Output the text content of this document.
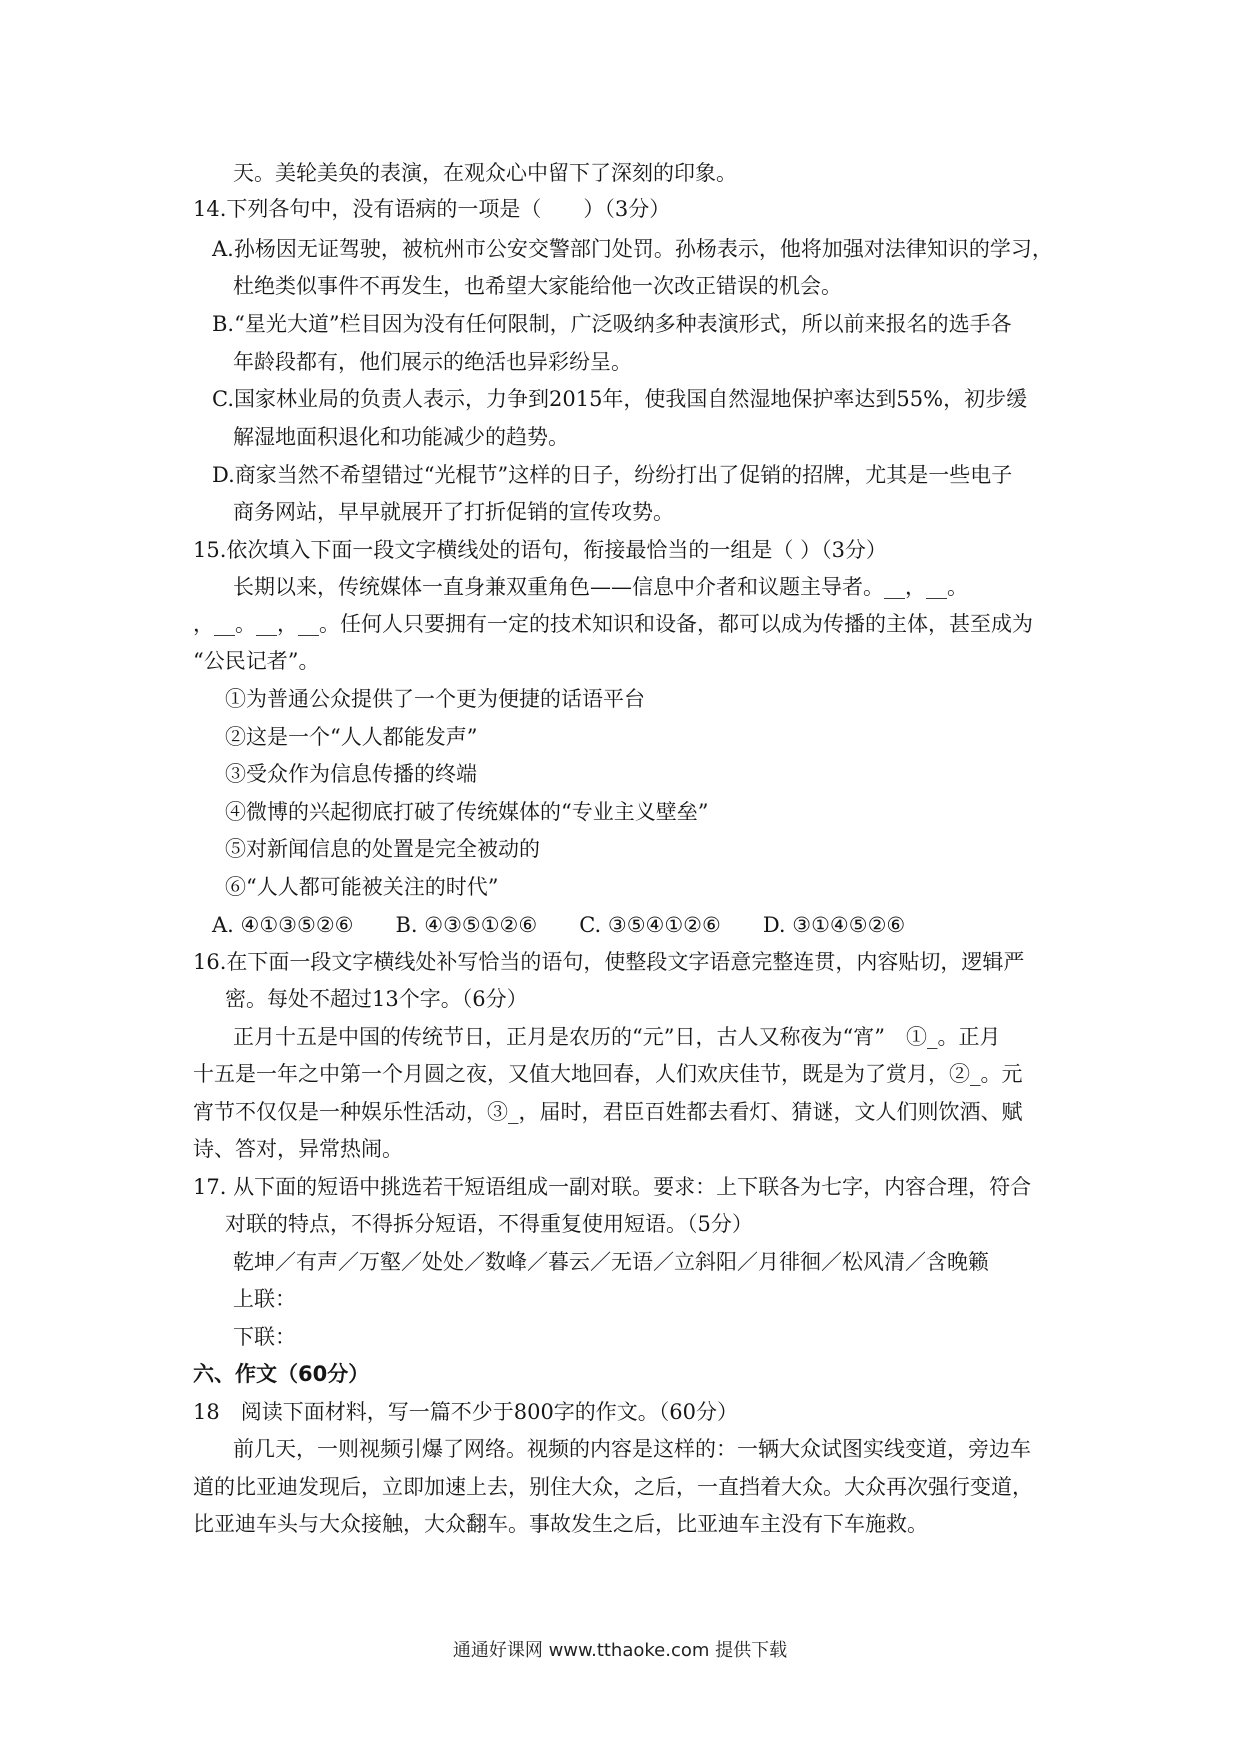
天。美轮美奂的表演，在观众心中留下了深刻的印象。
14.下列各句中，没有语病的一项是（　　）（3分）
A.孙杨因无证驾驶，被杭州市公安交警部门处罚。孙杨表示，他将加强对法律知识的学习，
杜绝类似事件不再发生，也希望大家能给他一次改正错误的机会。
B.“星光大道”栏目因为没有任何限制，广泛吸纳多种表演形式，所以前来报名的选手各
年龄段都有，他们展示的绝活也异彩纷呈。
C.国家林业局的负责人表示，力争到2015年，使我国自然湿地保护率达到55%，初步缓
解湿地面积退化和功能减少的趋势。
D.商家当然不希望错过“光棍节”这样的日子，纷纷打出了促销的招牌，尤其是一些电子
商务网站，早早就展开了打折促销的宣传攻势。
15.依次填入下面一段文字横线处的语句，衔接最恰当的一组是（ ）（3分）
长期以来，传统媒体一直身兼双重角色——信息中介者和议题主导者。__，__。
，__。__，__。任何人只要拥有一定的技术知识和设备，都可以成为传播的主体，甚至成为
“公民记者”。
①为普通公众提供了一个更为便捷的话语平台
②这是一个“人人都能发声”
③受众作为信息传播的终端
④微博的兴起彻底打破了传统媒体的“专业主义壁垒”
⑤对新闻信息的处置是完全被动的
⑥“人人都可能被关注的时代”
A. ④①③⑤②⑥　　B. ④③⑤①②⑥　　C. ③⑤④①②⑥　　D. ③①④⑤②⑥
16.在下面一段文字横线处补写恰当的语句，使整段文字语意完整连贯，内容贴切，逻辑严
密。每处不超过13个字。（6分）
正月十五是中国的传统节日，正月是农历的“元”日，古人又称夜为“宵”　①_。正月
十五是一年之中第一个月圆之夜，又值大地回春，人们欢庆佳节，既是为了赏月，②_。元
宵节不仅仅是一种娱乐性活动，③_，届时，君臣百姓都去看灯、猜谜，文人们则饮酒、赋
诗、答对，异常热闹。
17. 从下面的短语中挑选若干短语组成一副对联。要求：上下联各为七字，内容合理，符合
对联的特点，不得拆分短语，不得重复使用短语。（5分）
乾坤／有声／万壑／处处／数峰／暮云／无语／立斜阳／月徘徊／松风清／含晚籁
上联：
下联：
六、作文（60分）
18　阅读下面材料，写一篇不少于800字的作文。（60分）
前几天，一则视频引爆了网络。视频的内容是这样的：一辆大众试图实线变道，旁边车
道的比亚迪发现后，立即加速上去，别住大众，之后，一直挡着大众。大众再次强行变道，
比亚迪车头与大众接触，大众翻车。事故发生之后，比亚迪车主没有下车施救。
通通好课网 www.tthaoke.com 提供下载
